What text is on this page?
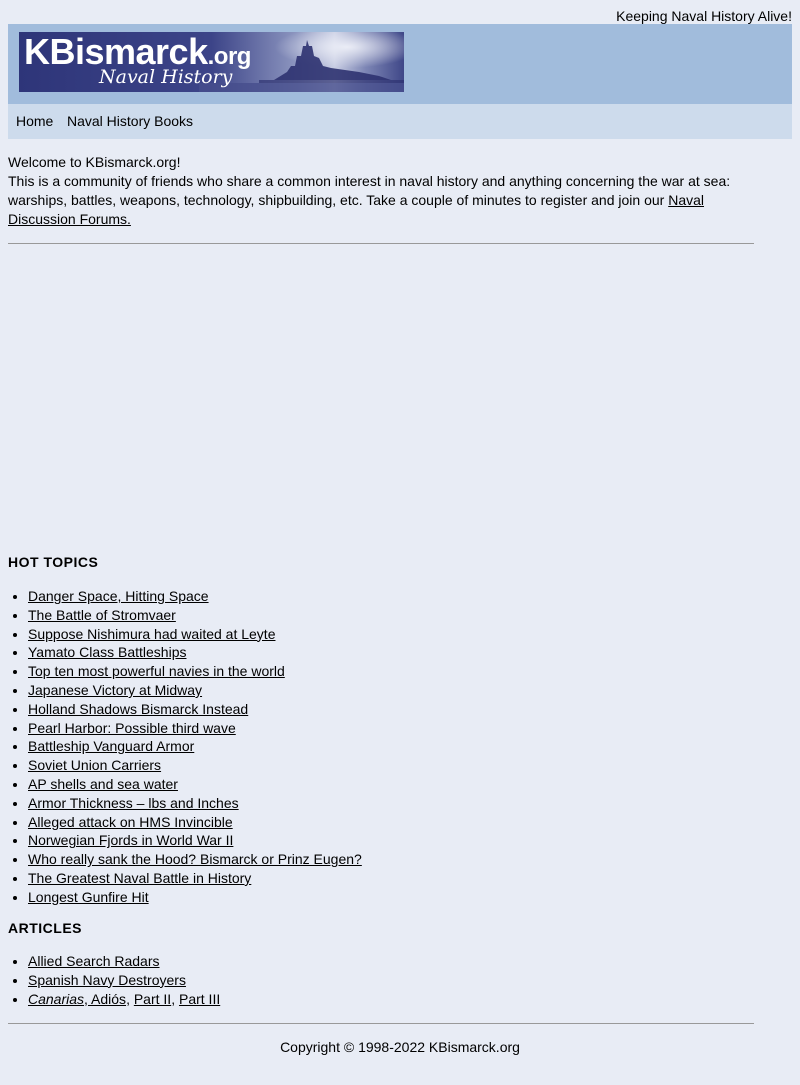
Keeping Naval History Alive!
KBismarck.org
Naval History
Home Naval History Books

Welcome to KBismarck.org!
This is a community of friends who share a common interest in naval history and anything concerning the war at sea: warships, battles, weapons, technology, shipbuilding, etc. Take a couple of minutes to register and join our Naval Discussion Forums.

HOT TOPICS
• Danger Space, Hitting Space
• The Battle of Stromvaer
• Suppose Nishimura had waited at Leyte
• Yamato Class Battleships
• Top ten most powerful navies in the world
• Japanese Victory at Midway
• Holland Shadows Bismarck Instead
• Pearl Harbor: Possible third wave
• Battleship Vanguard Armor
• Soviet Union Carriers
• AP shells and sea water
• Armor Thickness – lbs and Inches
• Alleged attack on HMS Invincible
• Norwegian Fjords in World War II
• Who really sank the Hood? Bismarck or Prinz Eugen?
• The Greatest Naval Battle in History
• Longest Gunfire Hit
ARTICLES
• Allied Search Radars
• Spanish Navy Destroyers
• Canarias, Adiós, Part II, Part III
Copyright © 1998-2022 KBismarck.org
